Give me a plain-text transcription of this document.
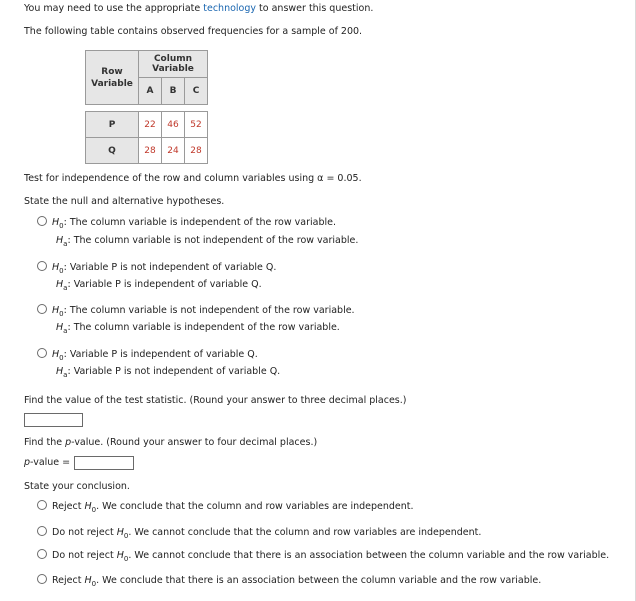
You may need to use the appropriate technology to answer this question.
The following table contains observed frequencies for a sample of 200.
Row
Variable	Column Variable		
	A	B	C

P	22	46	52
Q	28	24	28
Test for independence of the row and column variables using α = 0.05.
State the null and alternative hypotheses.
$H_0$: The column variable is independent of the row variable.
$H_a$: The column variable is not independent of the row variable.
$H_0$: Variable P is not independent of variable Q.
$H_a$: Variable P is independent of variable Q.
$H_0$: The column variable is not independent of the row variable.
$H_a$: The column variable is independent of the row variable.
$H_0$: Variable P is independent of variable Q.
$H_a$: Variable P is not independent of variable Q.
Find the value of the test statistic. (Round your answer to three decimal places.)
Find the p-value. (Round your answer to four decimal places.)
p-value =
State your conclusion.
Reject $H_0$. We conclude that the column and row variables are independent.
Do not reject $H_0$. We cannot conclude that the column and row variables are independent.
Do not reject $H_0$. We cannot conclude that there is an association between the column variable and the row variable.
Reject $H_0$. We conclude that there is an association between the column variable and the row variable.
